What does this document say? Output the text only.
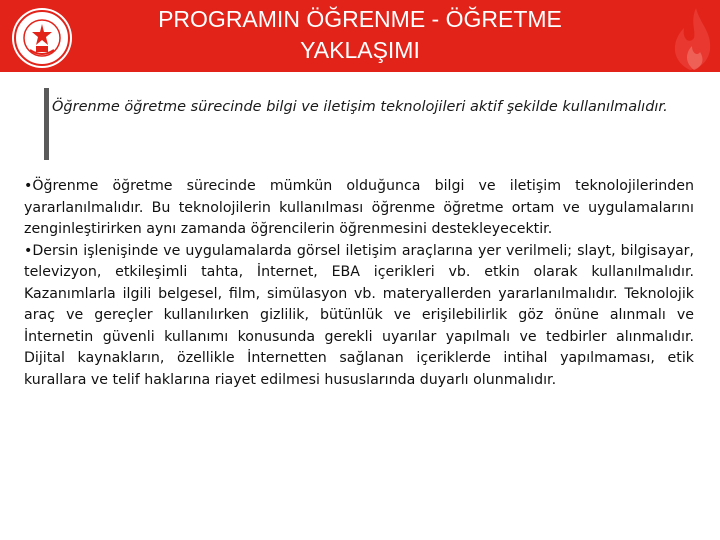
PROGRAMIN ÖĞRENME - ÖĞRETME YAKLAŞIMI

Öğrenme öğretme sürecinde bilgi ve iletişim teknolojileri aktif şekilde kullanılmalıdır.

•Öğrenme öğretme sürecinde mümkün olduğunca bilgi ve iletişim teknolojilerinden yararlanılmalıdır. Bu teknolojilerin kullanılması öğrenme öğretme ortam ve uygulamalarını zenginleştirirken aynı zamanda öğrencilerin öğrenmesini destekleyecektir.

•Dersin işlenişinde ve uygulamalarda görsel iletişim araçlarına yer verilmeli; slayt, bilgisayar, televizyon, etkileşimli tahta, İnternet, EBA içerikleri vb. etkin olarak kullanılmalıdır. Kazanımlarla ilgili belgesel, film, simülasyon vb. materyallerden yararlanılmalıdır. Teknolojik araç ve gereçler kullanılırken gizlilik, bütünlük ve erişilebilirlik göz önüne alınmalı ve İnternetin güvenli kullanımı konusunda gerekli uyarılar yapılmalı ve tedbirler alınmalıdır. Dijital kaynakların, özellikle İnternetten sağlanan içeriklerde intihal yapılmaması, etik kurallara ve telif haklarına riayet edilmesi hususlarında duyarlı olunmalıdır.
